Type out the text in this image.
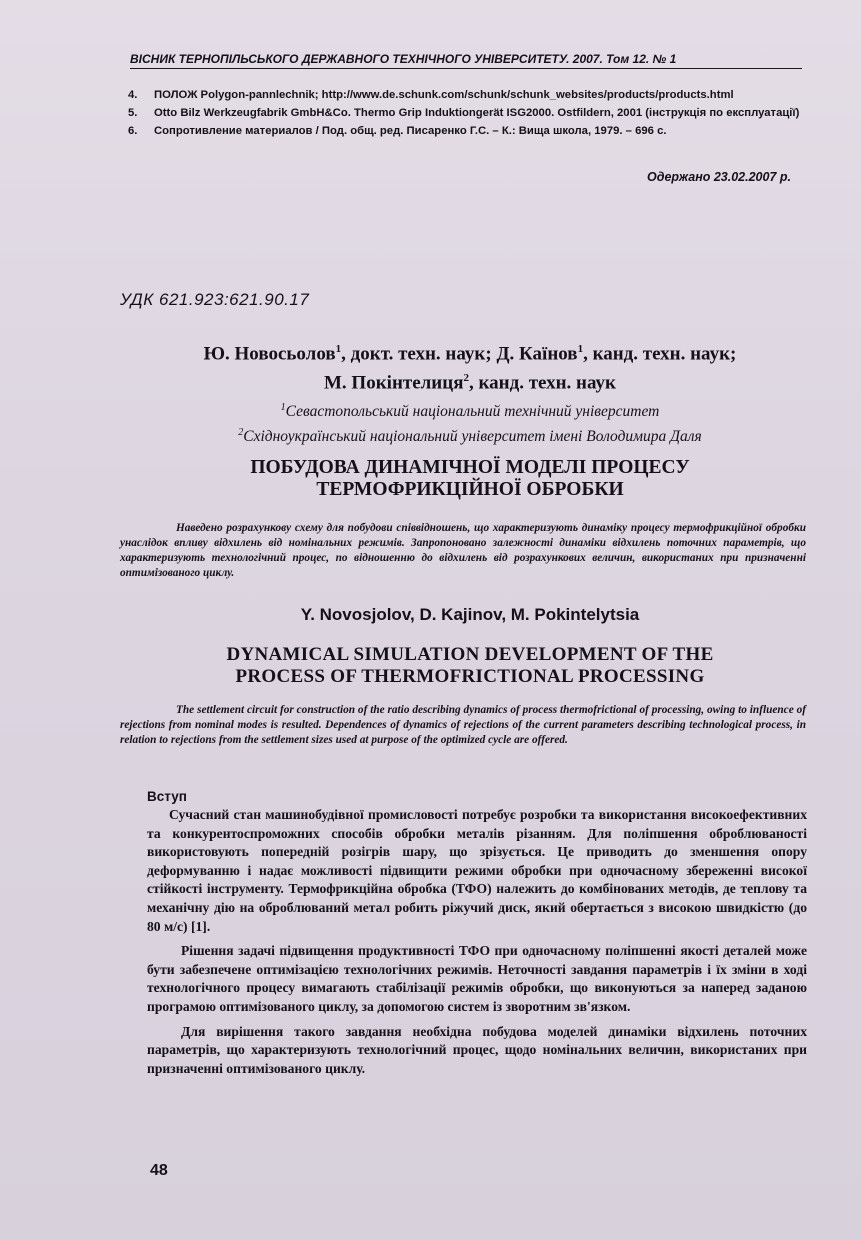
ВІСНИК ТЕРНОПІЛЬСЬКОГО ДЕРЖАВНОГО ТЕХНІЧНОГО УНІВЕРСИТЕТУ. 2007. Том 12. № 1
4.	ПОЛОЖ Polygon-pannlechnik; http://www.de.schunk.com/schunk/schunk_websites/products/products.html
5.	Otto Bilz Werkzeugfabrik GmbH&Co. Thermo Grip Induktiongerät ISG2000. Ostfildern, 2001 (інструкція по експлуатації)
6.	Сопротивление материалов / Под. общ. ред. Писаренко Г.С. – К.: Вища школа, 1979. – 696 с.
Одержано 23.02.2007 р.
УДК 621.923:621.90.17
Ю. Новосьолов$^1$, докт. техн. наук; Д. Каїнов$^1$, канд. техн. наук;
М. Покінтелиця$^2$, канд. техн. наук
$^1$Севастопольський національний технічний університет
$^2$Східноукраїнський національний університет імені Володимира Даля
ПОБУДОВА ДИНАМІЧНОЇ МОДЕЛІ ПРОЦЕСУ
ТЕРМОФРИКЦІЙНОЇ ОБРОБКИ
Наведено розрахункову схему для побудови співвідношень, що характеризують динаміку процесу термофрикційної обробки унаслідок впливу відхилень від номінальних режимів. Запропоновано залежності динаміки відхилень поточних параметрів, що характеризують технологічний процес, по відношенню до відхилень від розрахункових величин, використаних при призначенні оптимізованого циклу.
Y. Novosjolov, D. Kajinov, M. Pokintelytsia
DYNAMICAL SIMULATION DEVELOPMENT OF THE
PROCESS OF THERMOFRICTIONAL PROCESSING
The settlement circuit for construction of the ratio describing dynamics of process thermofrictional of processing, owing to influence of rejections from nominal modes is resulted. Dependences of dynamics of rejections of the current parameters describing technological process, in relation to rejections from the settlement sizes used at purpose of the optimized cycle are offered.
Вступ

Сучасний стан машинобудівної промисловості потребує розробки та використання високоефективних та конкурентоспроможних способів обробки металів різанням. Для поліпшення оброблюваності використовують попередній розігрів шару, що зрізується. Це приводить до зменшення опору деформуванню і надає можливості підвищити режими обробки при одночасному збереженні високої стійкості інструменту. Термофрикційна обробка (ТФО) належить до комбінованих методів, де теплову та механічну дію на оброблюваний метал робить ріжучий диск, який обертається з високою швидкістю (до 80 м/с) [1].

Рішення задачі підвищення продуктивності ТФО при одночасному поліпшенні якості деталей може бути забезпечене оптимізацією технологічних режимів. Неточності завдання параметрів і їх зміни в ході технологічного процесу вимагають стабілізації режимів обробки, що виконуються за наперед заданою програмою оптимізованого циклу, за допомогою систем із зворотним зв'язком.

Для вирішення такого завдання необхідна побудова моделей динаміки відхилень поточних параметрів, що характеризують технологічний процес, щодо номінальних величин, використаних при призначенні оптимізованого циклу.

48
